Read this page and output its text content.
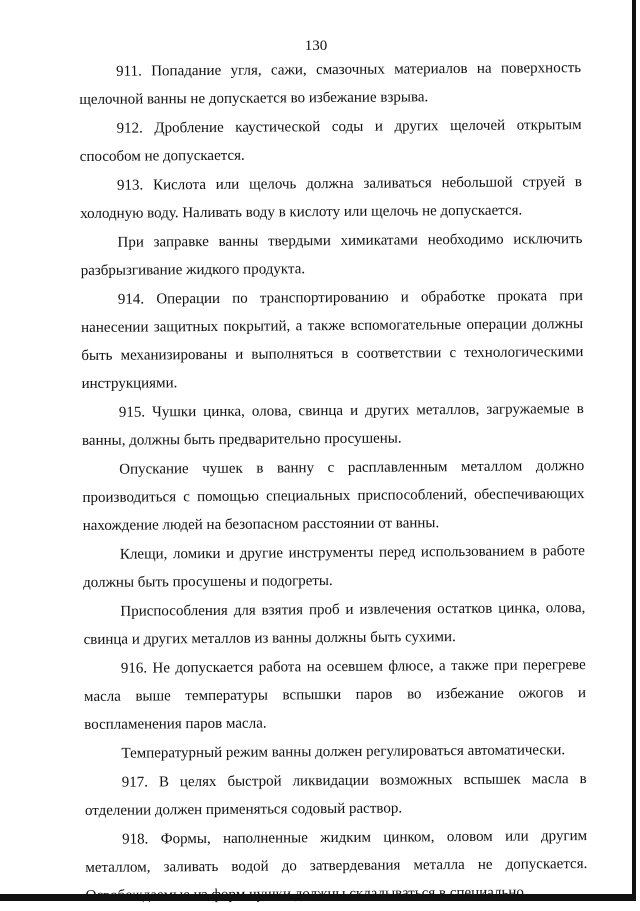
130

911. Попадание угля, сажи, смазочных материалов на поверхность щелочной ванны не допускается во избежание взрыва.

912. Дробление каустической соды и других щелочей открытым способом не допускается.

913. Кислота или щелочь должна заливаться небольшой струей в холодную воду. Наливать воду в кислоту или щелочь не допускается.

При заправке ванны твердыми химикатами необходимо исключить разбрызгивание жидкого продукта.

914. Операции по транспортированию и обработке проката при нанесении защитных покрытий, а также вспомогательные операции должны быть механизированы и выполняться в соответствии с технологическими инструкциями.

915. Чушки цинка, олова, свинца и других металлов, загружаемые в ванны, должны быть предварительно просушены.

Опускание чушек в ванну с расплавленным металлом должно производиться с помощью специальных приспособлений, обеспечивающих нахождение людей на безопасном расстоянии от ванны.

Клещи, ломики и другие инструменты перед использованием в работе должны быть просушены и подогреты.

Приспособления для взятия проб и извлечения остатков цинка, олова, свинца и других металлов из ванны должны быть сухими.

916. Не допускается работа на осевшем флюсе, а также при перегреве масла выше температуры вспышки паров во избежание ожогов и воспламенения паров масла.

Температурный режим ванны должен регулироваться автоматически.

917. В целях быстрой ликвидации возможных вспышек масла в отделении должен применяться содовый раствор.

918. Формы, наполненные жидким цинком, оловом или другим металлом, заливать водой до затвердевания металла не допускается. Освобождаемые из форм чушки должны складываться в специально
